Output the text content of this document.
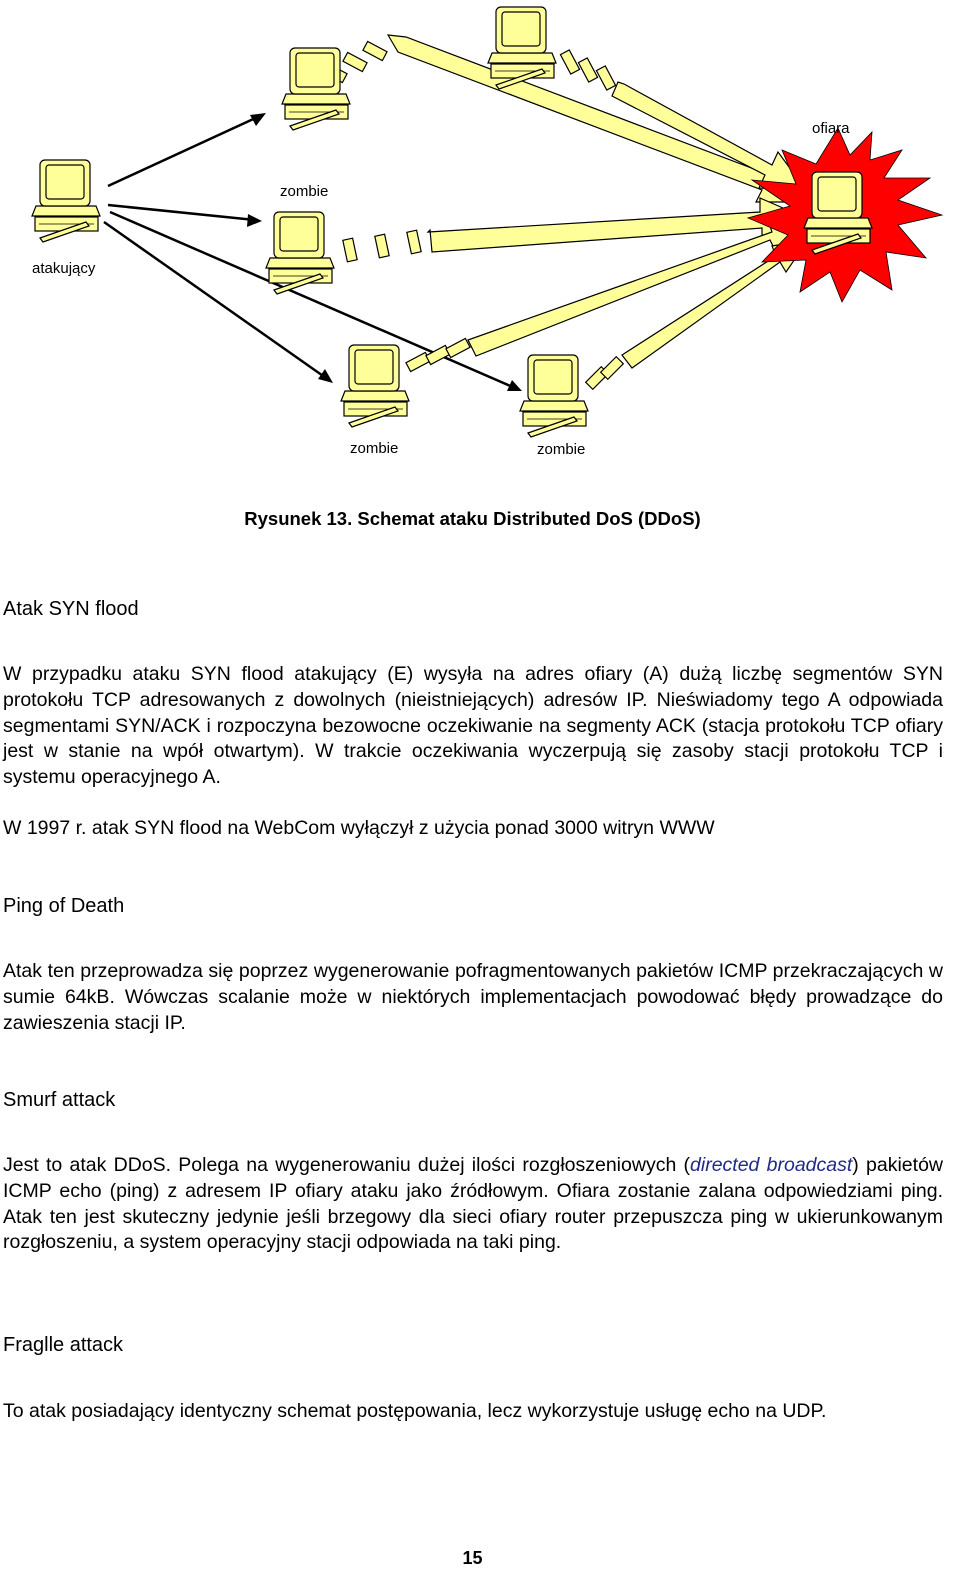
atakujący
zombie
zombie	zombie
ofiara
Rysunek 13. Schemat ataku Distributed DoS (DDoS)
Atak SYN flood

W przypadku ataku SYN flood atakujący (E) wysyła na adres ofiary (A) dużą liczbę segmentów SYN protokołu TCP adresowanych z dowolnych (nieistniejących) adresów IP. Nieświadomy tego A odpowiada segmentami SYN/ACK i rozpoczyna bezowocne oczekiwanie na segmenty ACK (stacja protokołu TCP ofiary jest w stanie na wpół otwartym). W trakcie oczekiwania wyczerpują się zasoby stacji protokołu TCP i systemu operacyjnego A.

W 1997 r. atak SYN flood na WebCom wyłączył z użycia ponad 3000 witryn WWW

Ping of Death

Atak ten przeprowadza się poprzez wygenerowanie pofragmentowanych pakietów ICMP przekraczających w sumie 64kB. Wówczas scalanie może w niektórych implementacjach powodować błędy prowadzące do zawieszenia stacji IP.

Smurf attack

Jest to atak DDoS. Polega na wygenerowaniu dużej ilości rozgłoszeniowych (directed broadcast) pakietów ICMP echo (ping) z adresem IP ofiary ataku jako źródłowym. Ofiara zostanie zalana odpowiedziami ping. Atak ten jest skuteczny jedynie jeśli brzegowy dla sieci ofiary router przepuszcza ping w ukierunkowanym rozgłoszeniu, a system operacyjny stacji odpowiada na taki ping.

Fraglle attack

To atak posiadający identyczny schemat postępowania, lecz wykorzystuje usługę echo na UDP.

15
